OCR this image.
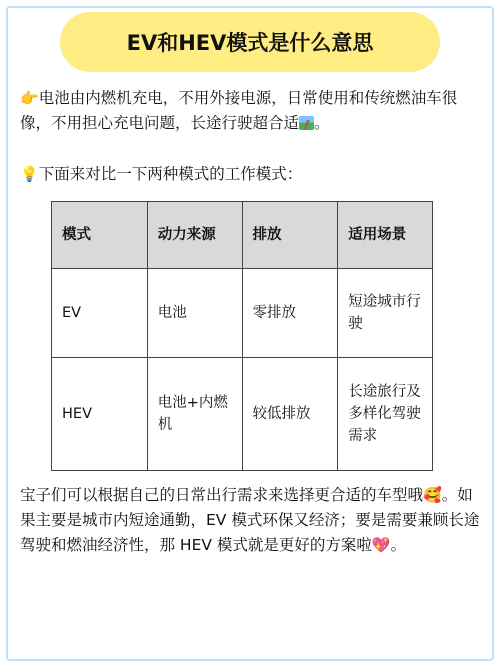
EV和HEV模式是什么意思
👉电池由内燃机充电，不用外接电源，日常使用和传统燃油车很像，不用担心充电问题，长途行驶超合适 。
💡下面来对比一下两种模式的工作模式：
模式	动力来源	排放	适用场景
EV	电池	零排放	短途城市行驶
HEV	电池+内燃机	较低排放	长途旅行及多样化驾驶需求
宝子们可以根据自己的日常出行需求来选择更合适的车型哦🥰。如果主要是城市内短途通勤，EV 模式环保又经济；要是需要兼顾长途驾驶和燃油经济性，那 HEV 模式就是更好的方案啦💖。
